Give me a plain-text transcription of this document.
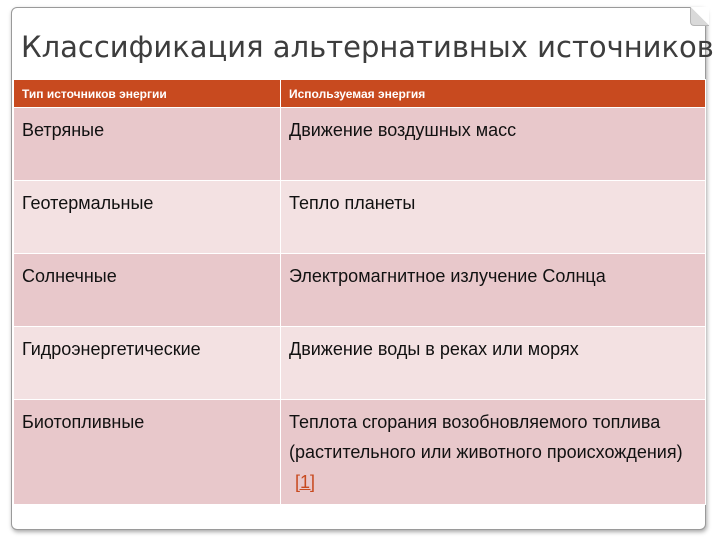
Классификация альтернативных источников
Тип источников энергии	Используемая энергия
Ветряные	Движение воздушных масс
Геотермальные	Тепло планеты
Солнечные	Электромагнитное излучение Солнца
Гидроэнергетические	Движение воды в реках или морях
Биотопливные	Теплота сгорания возобновляемого топлива (растительного или животного происхождения)[1]
